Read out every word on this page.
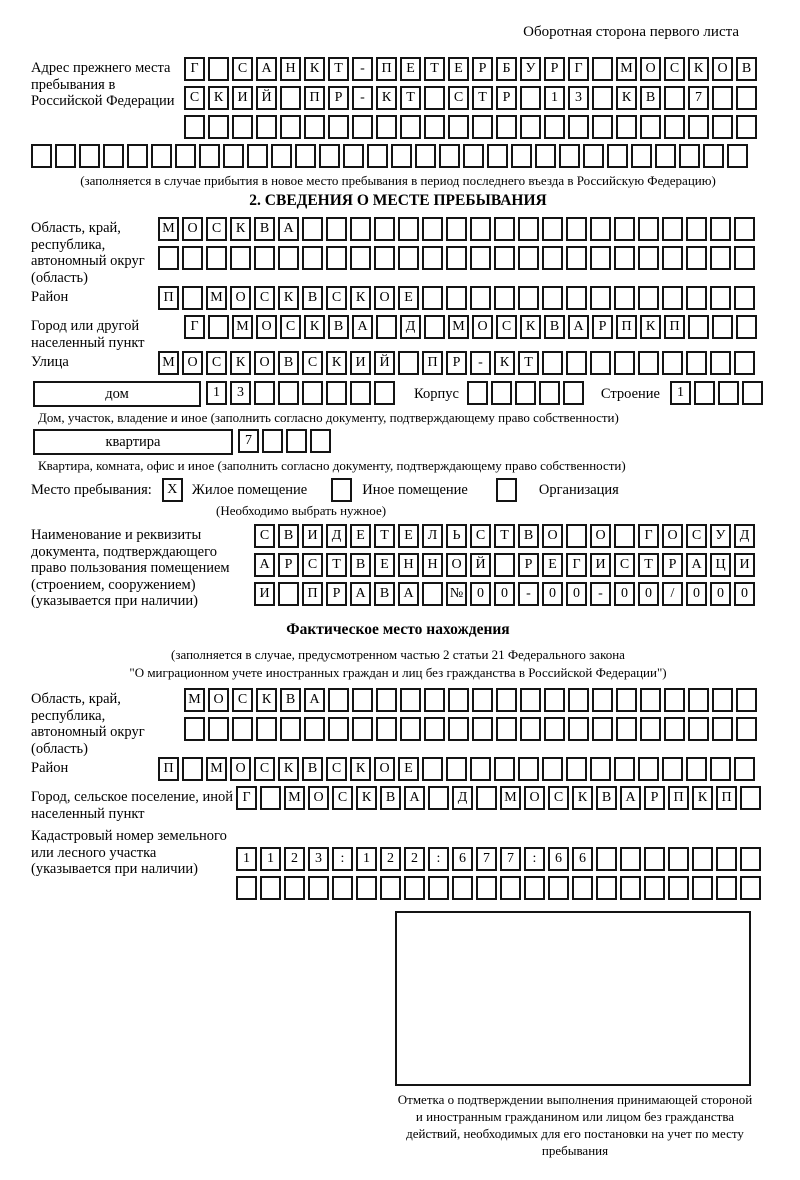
Оборотная сторона первого листа
Адрес прежнего места пребывания в Российской Федерации
Г	С А Н К Т - П Е Т Е Р Б У Р Г	М О С К О В
С К И Й	П Р - К Т	С Т Р	1 3	К В	7
(заполняется в случае прибытия в новое место пребывания в период последнего въезда в Российскую Федерацию)
2. СВЕДЕНИЯ О МЕСТЕ ПРЕБЫВАНИЯ
Область, край, республика, автономный округ (область)
М О С К В А
Район	П	М О С К В С К О Е
Город или другой населенный пункт
Г	М О С К В А	Д	М О С К В А Р П К П
Улица	М О С К О В С К И Й	П Р - К Т
дом	1 3	Корпус	Строение 1
Дом, участок, владение и иное (заполнить согласно документу, подтверждающему право собственности)
квартира	7
Квартира, комната, офис и иное (заполнить согласно документу, подтверждающему право собственности)
Место пребывания:	X Жилое помещение	Иное помещение	Организация
(Необходимо выбрать нужное)
Наименование и реквизиты документа, подтверждающего право пользования помещением (строением, сооружением) (указывается при наличии)
С В И Д Е Т Е Л Ь С Т В О	О	Г О С У Д
А Р С Т В Е Н Н О Й	Р Е Г И С Т Р А Ц И
И	П Р А В А	№ 0 0 - 0 0 - 0 0 / 0 0 0
Фактическое место нахождения
(заполняется в случае, предусмотренном частью 2 статьи 21 Федерального закона
"О миграционном учете иностранных граждан и лиц без гражданства в Российской Федерации")
Область, край, республика, автономный округ (область)
М О С К В А
Район	П	М О С К В С К О Е
Город, сельское поселение, иной населенный пункт
Г	М О С К В А	Д	М О С К В А Р П К П
Кадастровый номер земельного или лесного участка (указывается при наличии)
1 1 2 3 : 1 2 2 : 6 7 7 : 6 6
Отметка о подтверждении выполнения принимающей стороной и иностранным гражданином или лицом без гражданства действий, необходимых для его постановки на учет по месту пребывания
